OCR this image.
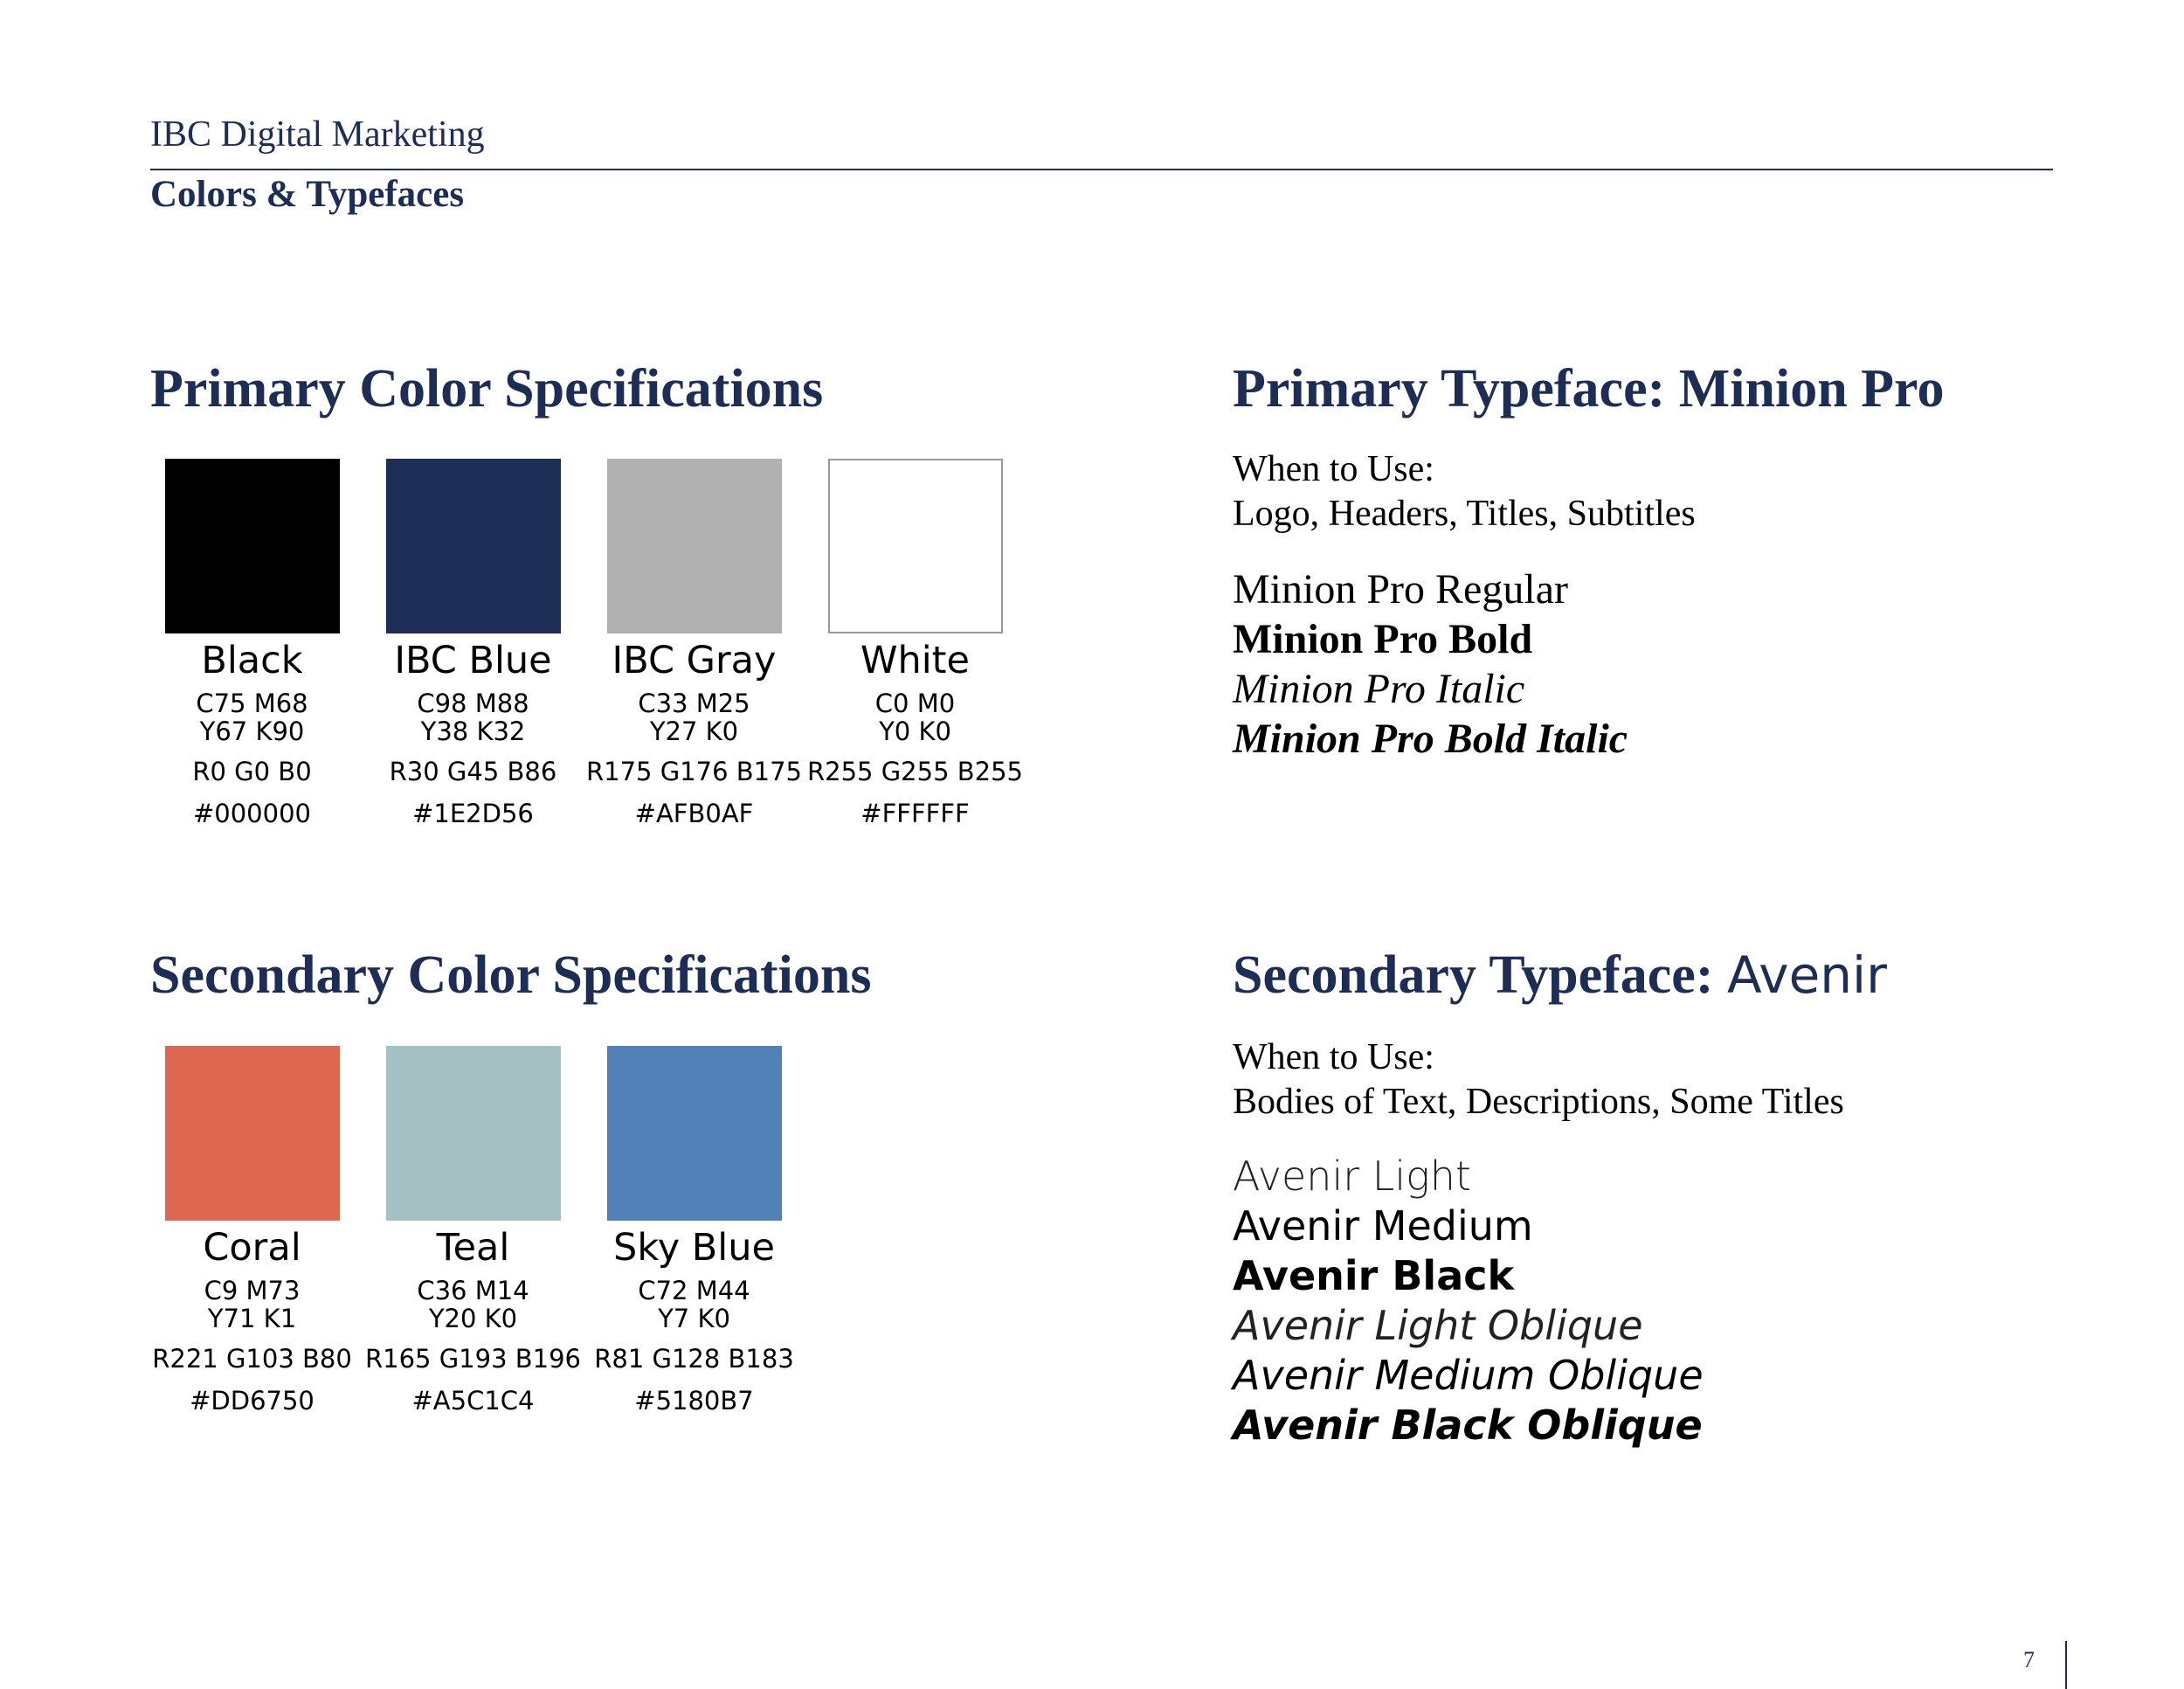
IBC Digital Marketing
Colors & Typefaces
Primary Color Specifications
Black
C75 M68
Y67 K90
R0 G0 B0
#000000
IBC Blue
C98 M88
Y38 K32
R30 G45 B86
#1E2D56
IBC Gray
C33 M25
Y27 K0
R175 G176 B175
#AFB0AF
White
C0 M0
Y0 K0
R255 G255 B255
#FFFFFF
Secondary Color Specifications
Coral
C9 M73
Y71 K1
R221 G103 B80
#DD6750
Teal
C36 M14
Y20 K0
R165 G193 B196
#A5C1C4
Sky Blue
C72 M44
Y7 K0
R81 G128 B183
#5180B7
Primary Typeface: Minion Pro
When to Use:
Logo, Headers, Titles, Subtitles
Minion Pro Regular
Minion Pro Bold
Minion Pro Italic
Minion Pro Bold Italic
Secondary Typeface: Avenir
When to Use:
Bodies of Text, Descriptions, Some Titles
Avenir Light
Avenir Medium
Avenir Black
Avenir Light Oblique
Avenir Medium Oblique
Avenir Black Oblique
7
